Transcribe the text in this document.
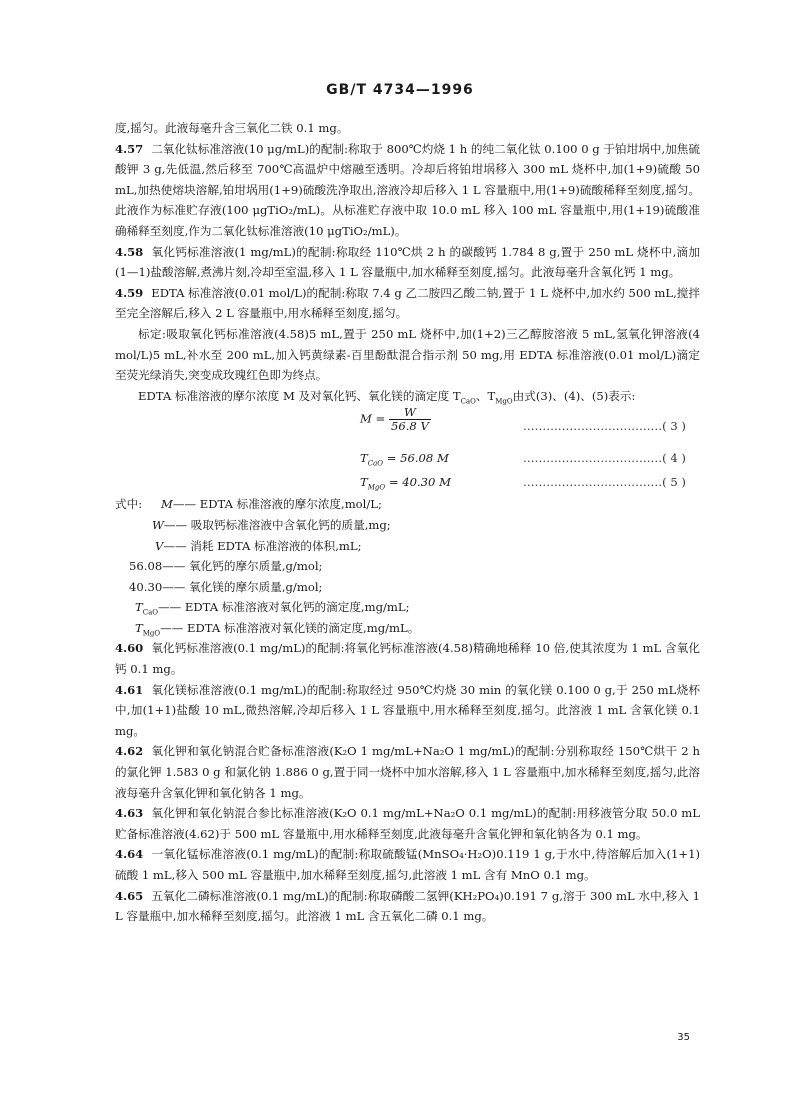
GB/T 4734—1996

度,摇匀。此液每毫升含三氧化二铁 0.1 mg。

4.57 二氧化钛标准溶液(10 μg/mL)的配制:称取于 800℃灼烧 1 h 的纯二氧化钛 0.100 0 g 于铂坩埚中,加焦硫酸钾 3 g,先低温,然后移至 700℃高温炉中熔融至透明。冷却后将铂坩埚移入 300 mL 烧杯中,加(1+9)硫酸 50 mL,加热使熔块溶解,铂坩埚用(1+9)硫酸洗净取出,溶液冷却后移入 1 L 容量瓶中,用(1+9)硫酸稀释至刻度,摇匀。此液作为标准贮存液(100 μgTiO₂/mL)。从标准贮存液中取 10.0 mL 移入 100 mL 容量瓶中,用(1+19)硫酸准确稀释至刻度,作为二氧化钛标准溶液(10 μgTiO₂/mL)。

4.58 氧化钙标准溶液(1 mg/mL)的配制:称取经 110℃烘 2 h 的碳酸钙 1.784 8 g,置于 250 mL 烧杯中,滴加(1—1)盐酸溶解,煮沸片刻,冷却至室温,移入 1 L 容量瓶中,加水稀释至刻度,摇匀。此液每毫升含氧化钙 1 mg。

4.59 EDTA 标准溶液(0.01 mol/L)的配制:称取 7.4 g 乙二胺四乙酸二钠,置于 1 L 烧杯中,加水约 500 mL,搅拌至完全溶解后,移入 2 L 容量瓶中,用水稀释至刻度,摇匀。

标定:吸取氧化钙标准溶液(4.58)5 mL,置于 250 mL 烧杯中,加(1+2)三乙醇胺溶液 5 mL,氢氧化钾溶液(4 mol/L)5 mL,补水至 200 mL,加入钙黄绿素-百里酚酞混合指示剂 50 mg,用 EDTA 标准溶液(0.01 mol/L)滴定至荧光绿消失,突变成玫瑰红色即为终点。

EDTA 标准溶液的摩尔浓度 M 及对氧化钙、氧化镁的滴定度 $T_{CaO}$、$T_{MgO}$由式(3)、(4)、(5)表示:

$M = \frac{W}{56.8 V}$	………………………………( 3 )
$T_{CaO} = 56.08$ M	………………………………( 4 )
$T_{MgO} = 40.30$ M	………………………………( 5 )
式中: M—— EDTA 标准溶液的摩尔浓度,mol/L;
W—— 吸取钙标准溶液中含氧化钙的质量,mg;
V—— 消耗 EDTA 标准溶液的体积,mL;
56.08—— 氧化钙的摩尔质量,g/mol;
40.30—— 氧化镁的摩尔质量,g/mol;
$T_{CaO}——$ EDTA 标准溶液对氧化钙的滴定度,mg/mL;
$T_{MgO}——$ EDTA 标准溶液对氧化镁的滴定度,mg/mL。

4.60 氧化钙标准溶液(0.1 mg/mL)的配制:将氧化钙标准溶液(4.58)精确地稀释 10 倍,使其浓度为 1 mL 含氧化钙 0.1 mg。

4.61 氧化镁标准溶液(0.1 mg/mL)的配制:称取经过 950℃灼烧 30 min 的氧化镁 0.100 0 g,于 250 mL烧杯中,加(1+1)盐酸 10 mL,微热溶解,冷却后移入 1 L 容量瓶中,用水稀释至刻度,摇匀。此溶液 1 mL 含氧化镁 0.1 mg。

4.62 氧化钾和氧化钠混合贮备标准溶液(K₂O 1 mg/mL+Na₂O 1 mg/mL)的配制:分别称取经 150℃烘干 2 h 的氯化钾 1.583 0 g 和氯化钠 1.886 0 g,置于同一烧杯中加水溶解,移入 1 L 容量瓶中,加水稀释至刻度,摇匀,此溶液每毫升含氧化钾和氧化钠各 1 mg。

4.63 氧化钾和氧化钠混合参比标准溶液(K₂O 0.1 mg/mL+Na₂O 0.1 mg/mL)的配制:用移液管分取 50.0 mL 贮备标准溶液(4.62)于 500 mL 容量瓶中,用水稀释至刻度,此液每毫升含氧化钾和氧化钠各为 0.1 mg。

4.64 一氧化锰标准溶液(0.1 mg/mL)的配制:称取硫酸锰(MnSO₄·H₂O)0.119 1 g,于水中,待溶解后加入(1+1)硫酸 1 mL,移入 500 mL 容量瓶中,加水稀释至刻度,摇匀,此溶液 1 mL 含有 MnO 0.1 mg。

4.65 五氧化二磷标准溶液(0.1 mg/mL)的配制:称取磷酸二氢钾(KH₂PO₄)0.191 7 g,溶于 300 mL 水中,移入 1 L 容量瓶中,加水稀释至刻度,摇匀。此溶液 1 mL 含五氧化二磷 0.1 mg。

35
